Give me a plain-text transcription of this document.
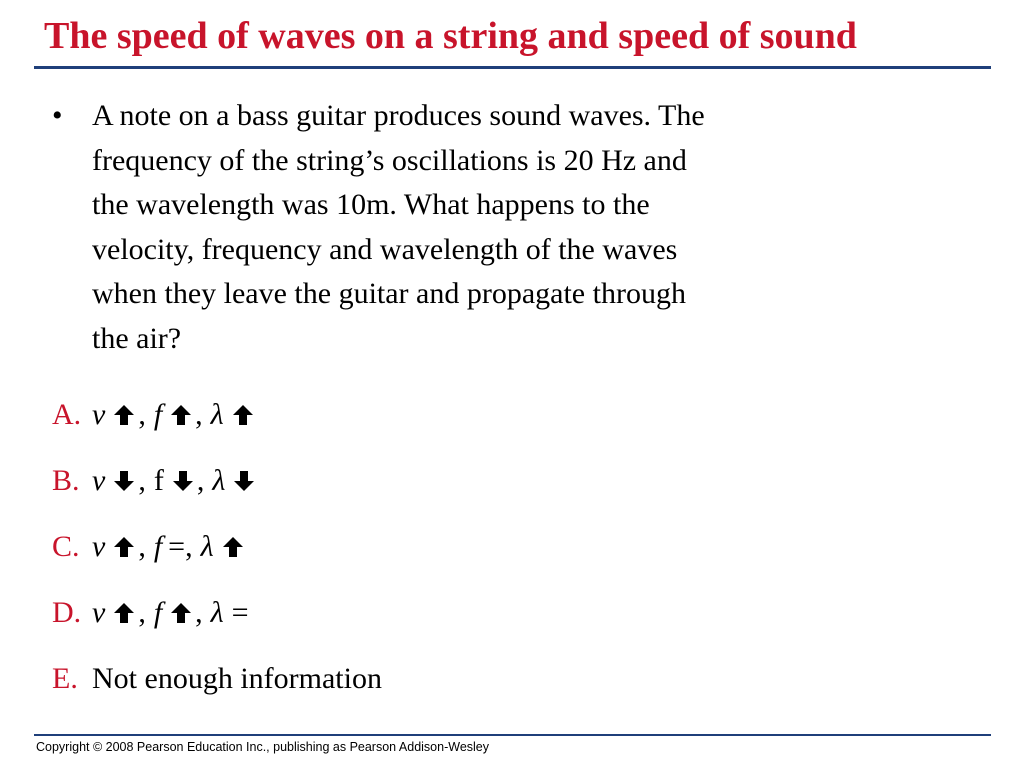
The speed of waves on a string and speed of sound
• A note on a bass guitar produces sound waves. The
frequency of the string’s oscillations is 20 Hz and
the wavelength was 10m. What happens to the
velocity, frequency and wavelength of the waves
when they leave the guitar and propagate through
the air?
A. v , f , λ
B. v , f , λ
C. v , f =, λ
D. v , f , λ =
E. Not enough information
Copyright © 2008 Pearson Education Inc., publishing as Pearson Addison-Wesley
